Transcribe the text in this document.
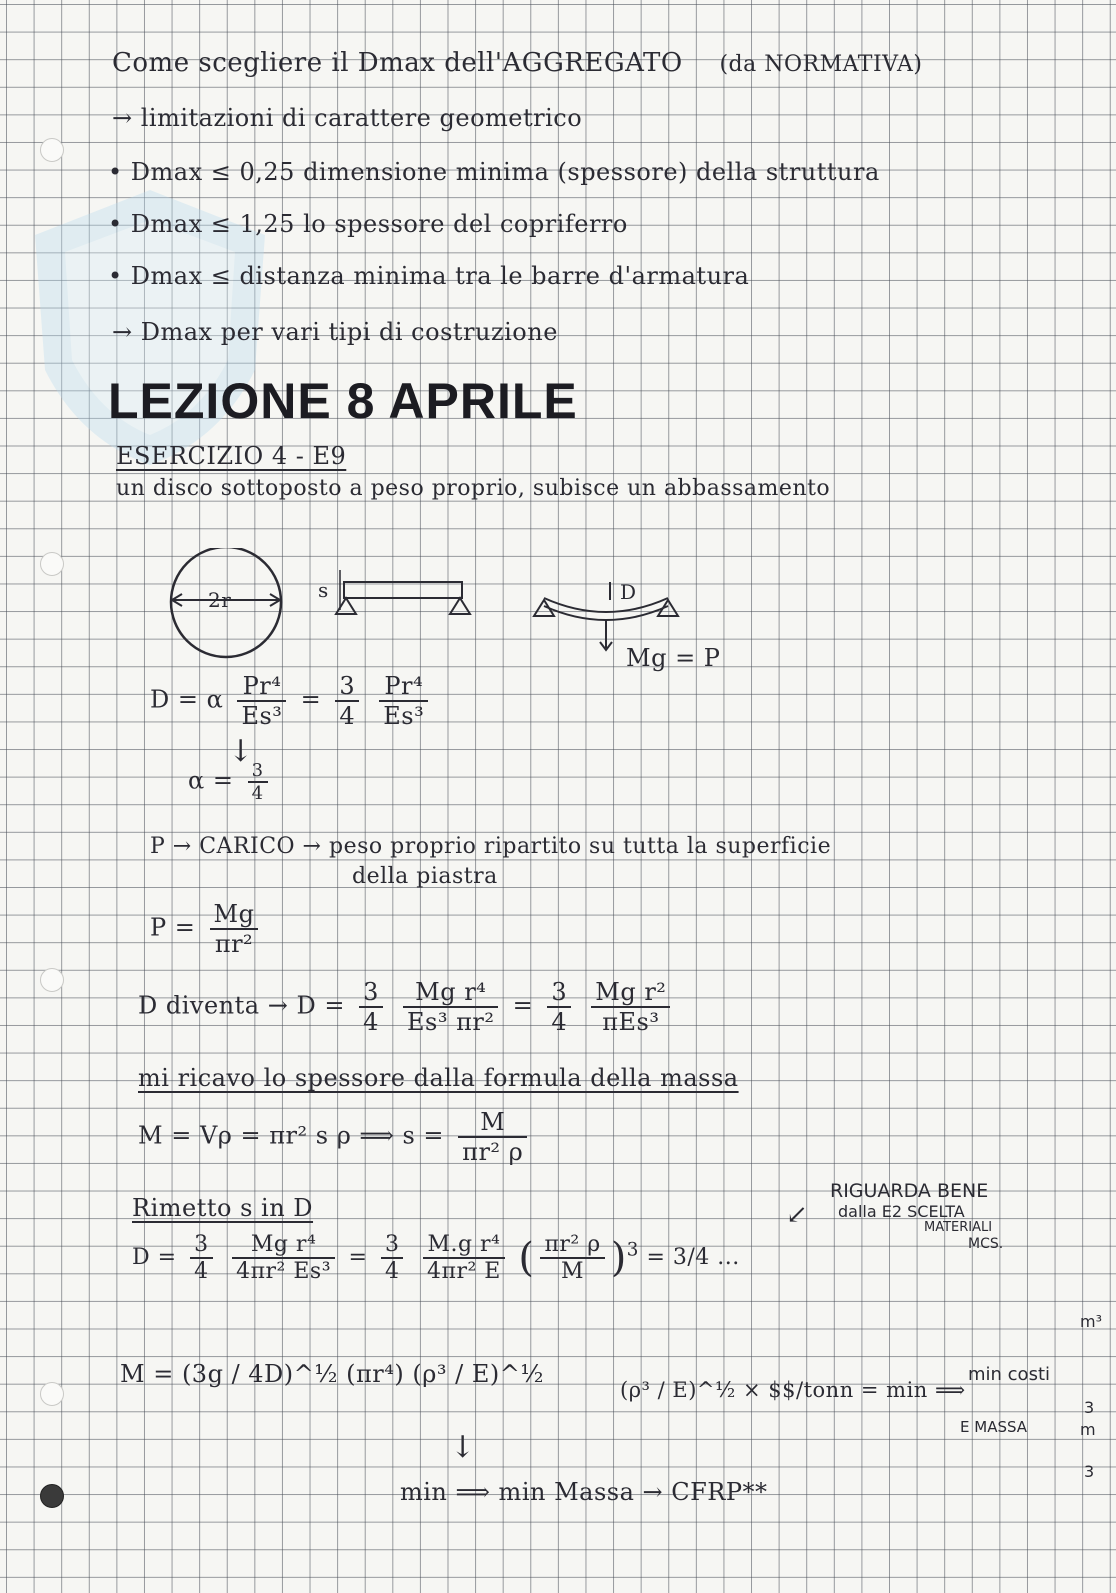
Come scegliere il Dmax dell'AGGREGATO (da NORMATIVA)
→ limitazioni di carattere geometrico
• Dmax ≤ 0,25 dimensione minima (spessore) della struttura
• Dmax ≤ 1,25 lo spessore del copriferro
• Dmax ≤ distanza minima tra le barre d'armatura
→ Dmax per vari tipi di costruzione
LEZIONE 8 APRILE
ESERCIZIO 4 - E9
un disco sottoposto a peso proprio, subisce un abbassamento
2r	s	D
Mg = P
D = α $\frac{\text{Pr⁴}}{\text{Es³}} = \frac{3}{4}$
$\frac{\text{Pr⁴}}{\text{Es³}}$
↓
$\alpha = \frac{3}{4}$
P → CARICO → peso proprio ripartito su tutta la superficie
della piastra
$P = \frac{Mg}{\text{πr²}}$
D diventa → $D = \frac{3}{4}$
$\frac{\text{Mg r⁴}}{\text{Es³ πr²}} = \frac{3}{4}$
$\frac{\text{Mg r²}}{\text{πEs³}}$
mi ricavo lo spessore dalla formula della massa
M = Vρ = πr² s ρ ⟹ $s = \frac{M}{\text{πr² ρ}}$
Rimetto s in D
RIGUARDA BENE
dalla E2 SCELTA
MATERIALI
MCS.
↙
$D = \frac{3}{4}$
$\frac{\text{Mg r⁴}}{\text{4πr² Es³}} = \frac{3}{4}$
$\frac{\text{M.g r⁴}}{\text{4πr² E}}$ ( $\frac{\text{πr² ρ}}{M} )^3 = 3/4$ ...
M = (3g / 4D)^½ (πr⁴) (ρ³ / E)^½
(ρ³ / E)^½ × $$/tonn = min ⟹
min costi
E MASSA
↓
min ⟹ min Massa → CFRP**
m³
3
m
3
